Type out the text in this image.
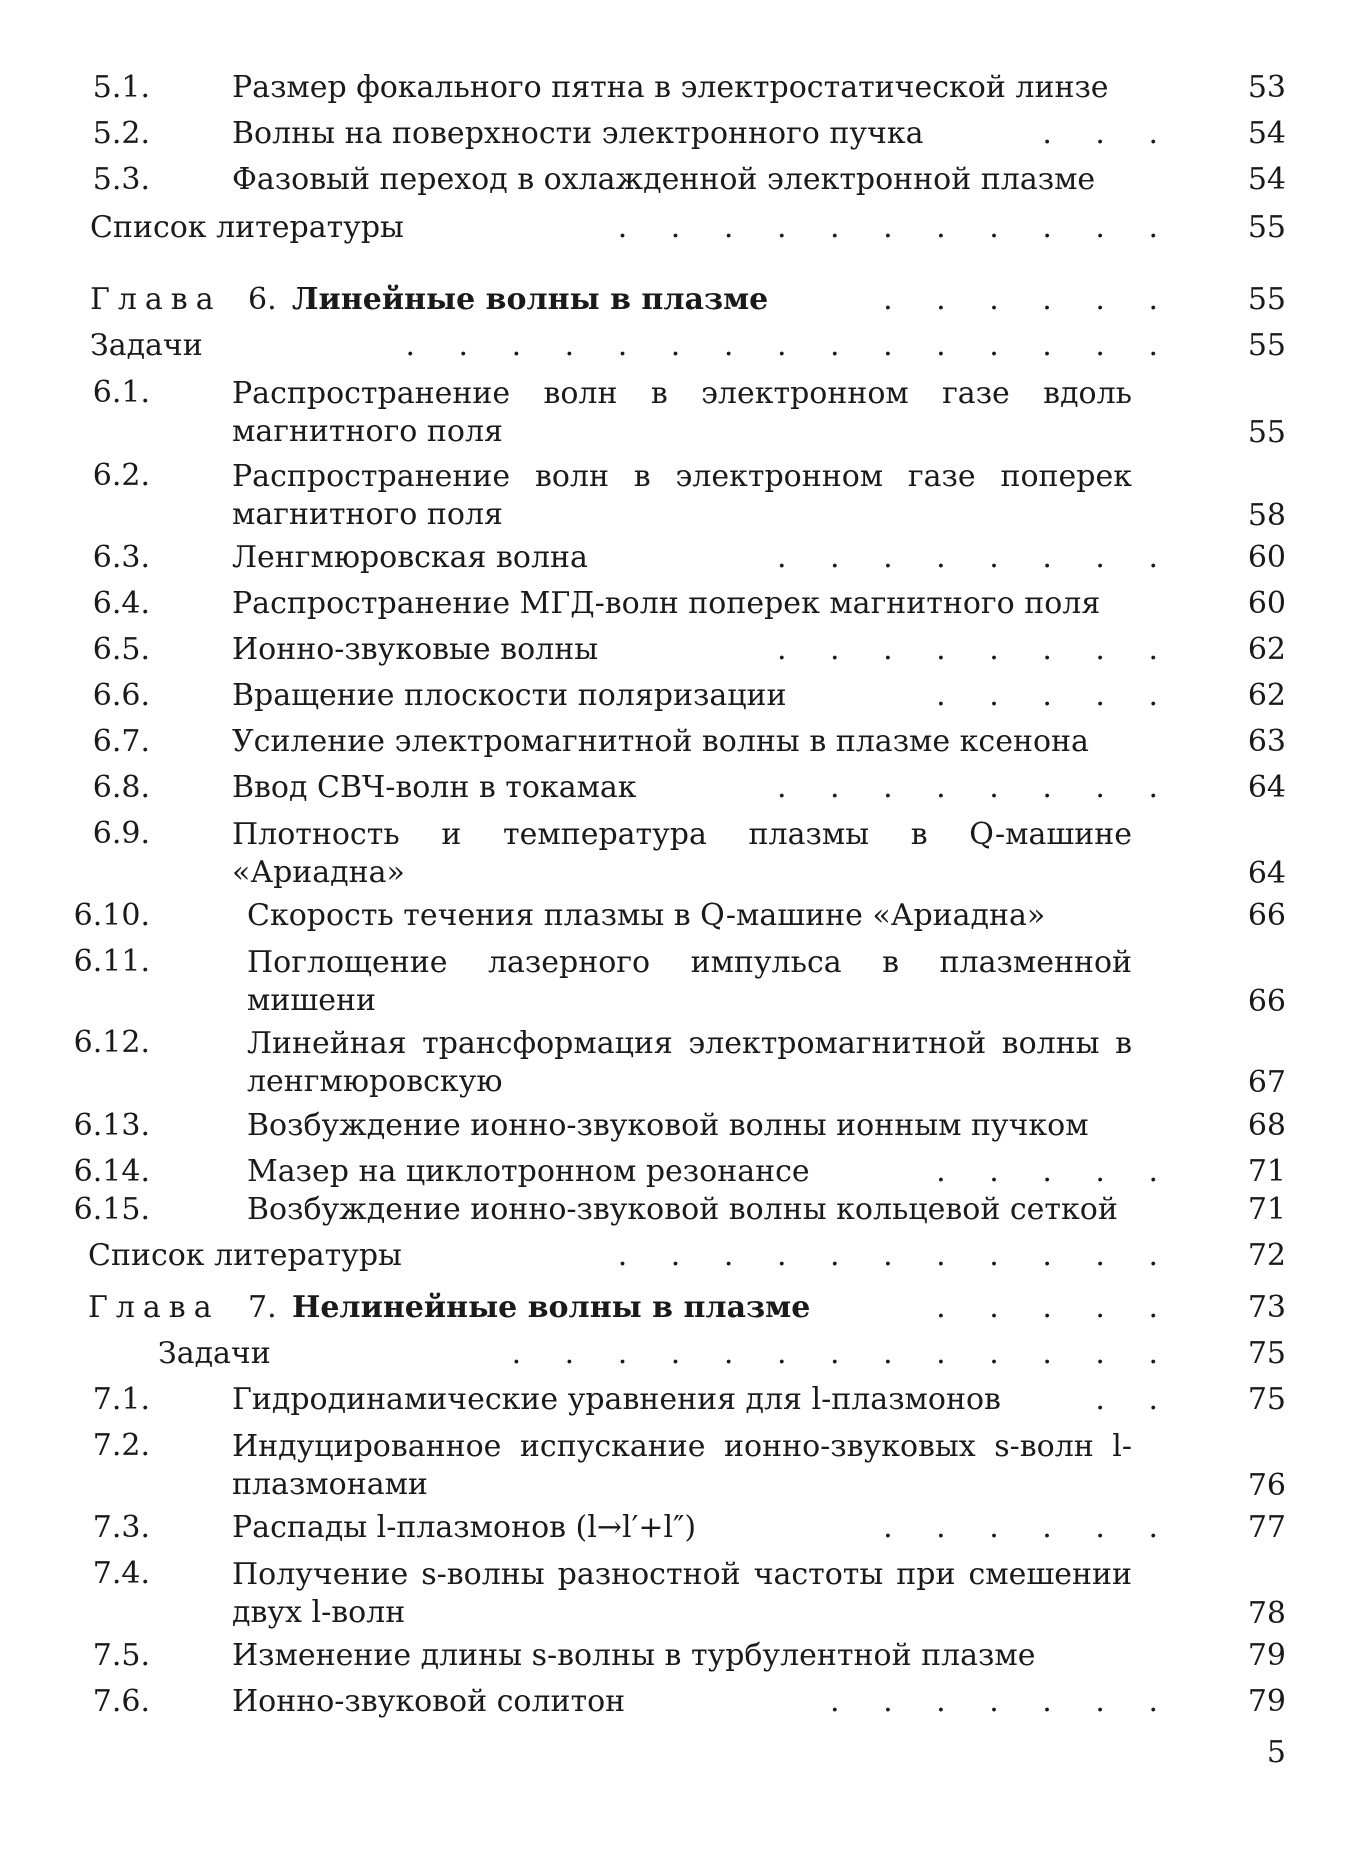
5.1.	Размер фокального пятна в электростатической линзе	53
5.2.	Волны на поверхности электронного пучка	. . . 54
5.3.	Фазовый переход в охлажденной электронной плазме	54
Список литературы	. . . . . . . . . . . 55
Глава 6. Линейные волны в плазме	. . . . . . 55
Задачи	. . . . . . . . . . . . . . . 55
6.1.	Распространение волн в электронном газе вдоль магнитного поля	55
6.2.	Распространение волн в электронном газе поперек магнитного поля	58
6.3.	Ленгмюровская волна	. . . . . . . . 60
6.4.	Распространение МГД-волн поперек магнитного поля	60
6.5.	Ионно-звуковые волны	. . . . . . . . 62
6.6.	Вращение плоскости поляризации	. . . . . 62
6.7.	Усиление электромагнитной волны в плазме ксенона	63
6.8.	Ввод СВЧ-волн в токамак	. . . . . . . . 64
6.9.	Плотность и температура плазмы в Q-машине «Ариадна»	64
6.10.	Скорость течения плазмы в Q-машине «Ариадна»	66
6.11.	Поглощение лазерного импульса в плазменной мишени	66
6.12.	Линейная трансформация электромагнитной волны в ленгмюровскую	67
6.13.	Возбуждение ионно-звуковой волны ионным пучком	68
6.14.	Мазер на циклотронном резонансе	. . . . . 71
6.15.	Возбуждение ионно-звуковой волны кольцевой сеткой	71
Список литературы	. . . . . . . . . . . 72
Глава 7. Нелинейные волны в плазме	. . . . . 73
Задачи	. . . . . . . . . . . . . 75
7.1.	Гидродинамические уравнения для l-плазмонов	. . 75
7.2.	Индуцированное испускание ионно-звуковых s-волн l-плазмонами	76
7.3.	Распады l-плазмонов (l→l′+l″)	. . . . . . 77
7.4.	Получение s-волны разностной частоты при смешении двух l-волн	78
7.5.	Изменение длины s-волны в турбулентной плазме	79
7.6.	Ионно-звуковой солитон	. . . . . . . 79
5
